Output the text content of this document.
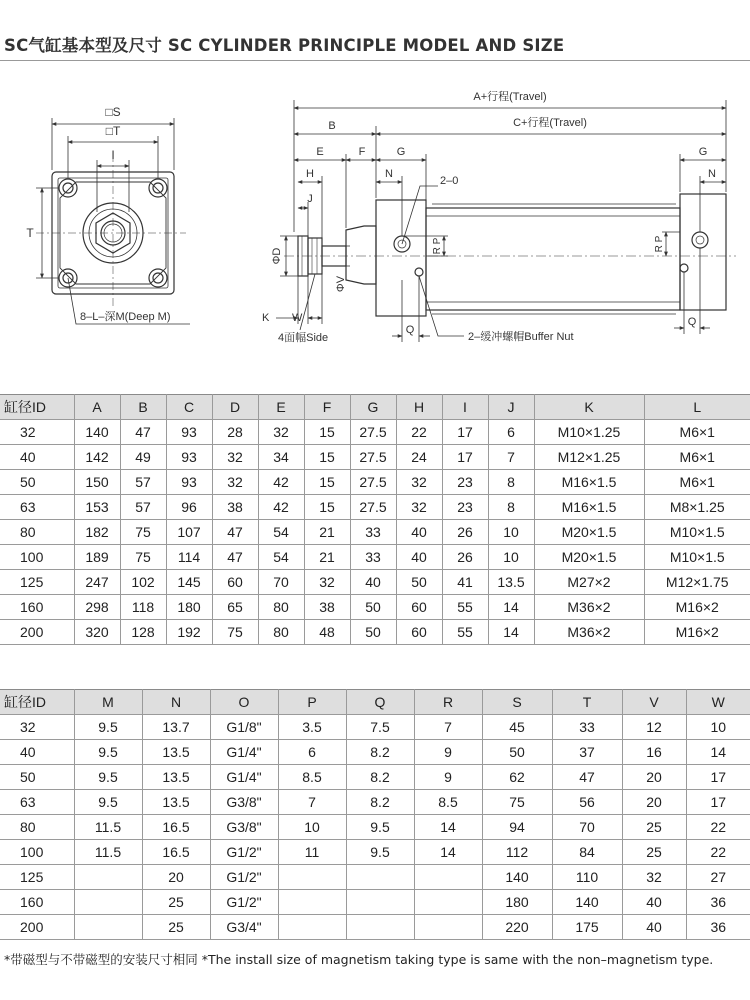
SC气缸基本型及尺寸 SC CYLINDER PRINCIPLE MODEL AND SIZE
□S
□T
I
T
8–L–深M(Deep M)
A+行程(Travel)
C+行程(Travel)
B
E	F	G	G
N
N
H
J
2–0
ΦD
ΦV
R P	R P
K W
4面幅Side
Q
Q
2–缓冲螺帽Buffer Nut
缸径ID	A	B	C	D	E	F	G	H	I	J	K	L
32	140	47	93	28	32	15	27.5	22	17	6	M10×1.25	M6×1
40	142	49	93	32	34	15	27.5	24	17	7	M12×1.25	M6×1
50	150	57	93	32	42	15	27.5	32	23	8	M16×1.5	M6×1
63	153	57	96	38	42	15	27.5	32	23	8	M16×1.5	M8×1.25
80	182	75	107	47	54	21	33	40	26	10	M20×1.5	M10×1.5
100	189	75	114	47	54	21	33	40	26	10	M20×1.5	M10×1.5
125	247	102	145	60	70	32	40	50	41	13.5	M27×2	M12×1.75
160	298	118	180	65	80	38	50	60	55	14	M36×2	M16×2
200	320	128	192	75	80	48	50	60	55	14	M36×2	M16×2
缸径ID	M	N	O	P	Q	R	S	T	V	W
32	9.5	13.7	G1/8"	3.5	7.5	7	45	33	12	10
40	9.5	13.5	G1/4"	6	8.2	9	50	37	16	14
50	9.5	13.5	G1/4"	8.5	8.2	9	62	47	20	17
63	9.5	13.5	G3/8"	7	8.2	8.5	75	56	20	17
80	11.5	16.5	G3/8"	10	9.5	14	94	70	25	22
100	11.5	16.5	G1/2"	11	9.5	14	112	84	25	22
125		20	G1/2"				140	110	32	27
160		25	G1/2"				180	140	40	36
200		25	G3/4"				220	175	40	36
*带磁型与不带磁型的安装尺寸相同 *The install size of magnetism taking type is same with the non–magnetism type.
